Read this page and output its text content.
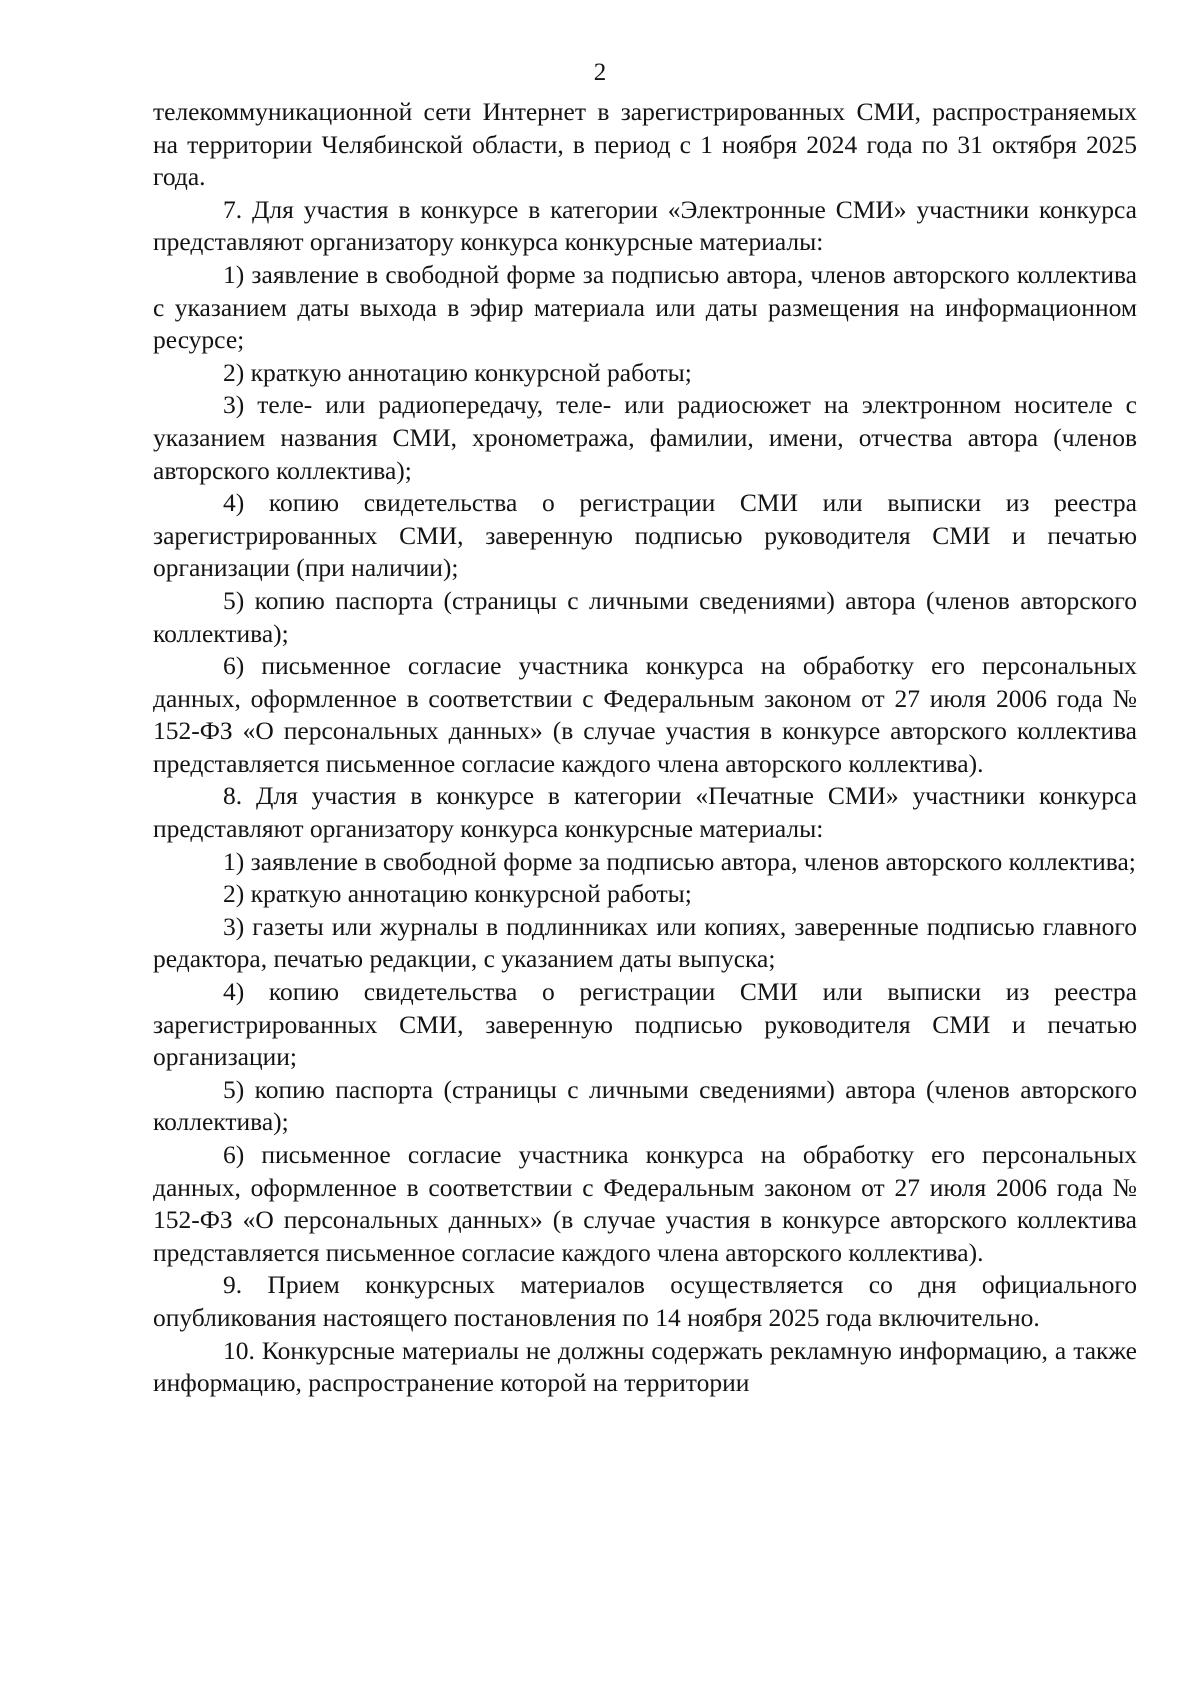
2

телекоммуникационной сети Интернет в зарегистрированных СМИ, распространяемых на территории Челябинской области, в период с 1 ноября 2024 года по 31 октября 2025 года.

7. Для участия в конкурсе в категории «Электронные СМИ» участники конкурса представляют организатору конкурса конкурсные материалы:

1) заявление в свободной форме за подписью автора, членов авторского коллектива с указанием даты выхода в эфир материала или даты размещения на информационном ресурсе;

2) краткую аннотацию конкурсной работы;

3) теле- или радиопередачу, теле- или радиосюжет на электронном носителе с указанием названия СМИ, хронометража, фамилии, имени, отчества автора (членов авторского коллектива);

4) копию свидетельства о регистрации СМИ или выписки из реестра зарегистрированных СМИ, заверенную подписью руководителя СМИ и печатью организации (при наличии);

5) копию паспорта (страницы с личными сведениями) автора (членов авторского коллектива);

6) письменное согласие участника конкурса на обработку его персональных данных, оформленное в соответствии с Федеральным законом от 27 июля 2006 года № 152-ФЗ «О персональных данных» (в случае участия в конкурсе авторского коллектива представляется письменное согласие каждого члена авторского коллектива).

8. Для участия в конкурсе в категории «Печатные СМИ» участники конкурса представляют организатору конкурса конкурсные материалы:

1) заявление в свободной форме за подписью автора, членов авторского коллектива;

2) краткую аннотацию конкурсной работы;

3) газеты или журналы в подлинниках или копиях, заверенные подписью главного редактора, печатью редакции, с указанием даты выпуска;

4) копию свидетельства о регистрации СМИ или выписки из реестра зарегистрированных СМИ, заверенную подписью руководителя СМИ и печатью организации;

5) копию паспорта (страницы с личными сведениями) автора (членов авторского коллектива);

6) письменное согласие участника конкурса на обработку его персональных данных, оформленное в соответствии с Федеральным законом от 27 июля 2006 года № 152-ФЗ «О персональных данных» (в случае участия в конкурсе авторского коллектива представляется письменное согласие каждого члена авторского коллектива).

9. Прием конкурсных материалов осуществляется со дня официального опубликования настоящего постановления по 14 ноября 2025 года включительно.

10. Конкурсные материалы не должны содержать рекламную информацию, а также информацию, распространение которой на территории
